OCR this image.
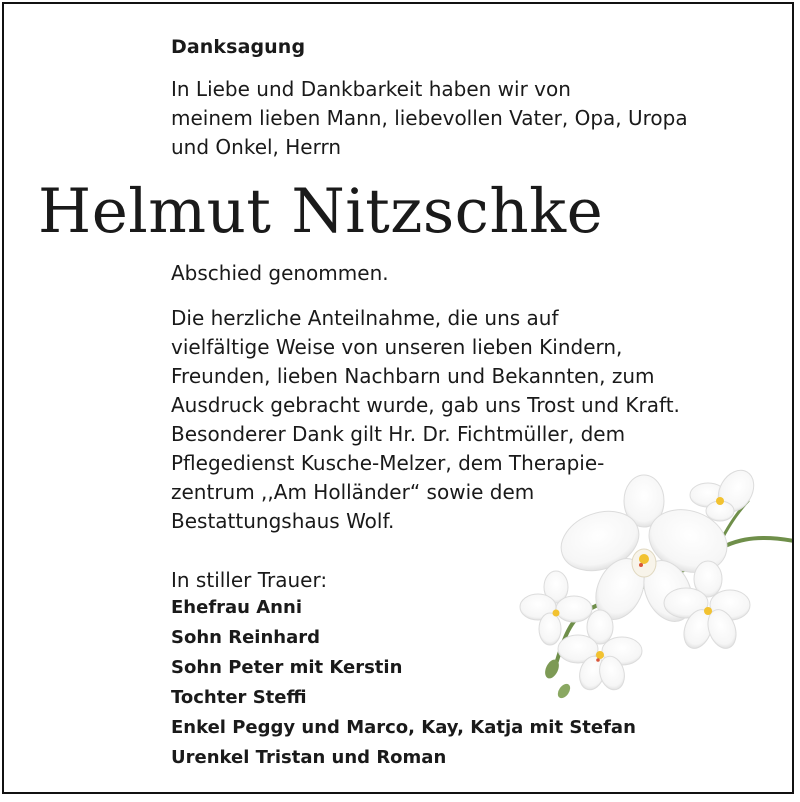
Danksagung
In Liebe und Dankbarkeit haben wir von
meinem lieben Mann, liebevollen Vater, Opa, Uropa
und Onkel, Herrn
Helmut Nitzschke
Abschied genommen.
Die herzliche Anteilnahme, die uns auf
vielfältige Weise von unseren lieben Kindern,
Freunden, lieben Nachbarn und Bekannten, zum
Ausdruck gebracht wurde, gab uns Trost und Kraft.
Besonderer Dank gilt Hr. Dr. Fichtmüller, dem
Pflegedienst Kusche-Melzer, dem Therapie-
zentrum ,,Am Holländer“ sowie dem
Bestattungshaus Wolf.
In stiller Trauer:
Ehefrau Anni
Sohn Reinhard
Sohn Peter mit Kerstin
Tochter Steffi
Enkel Peggy und Marco, Kay, Katja mit Stefan
Urenkel Tristan und Roman
